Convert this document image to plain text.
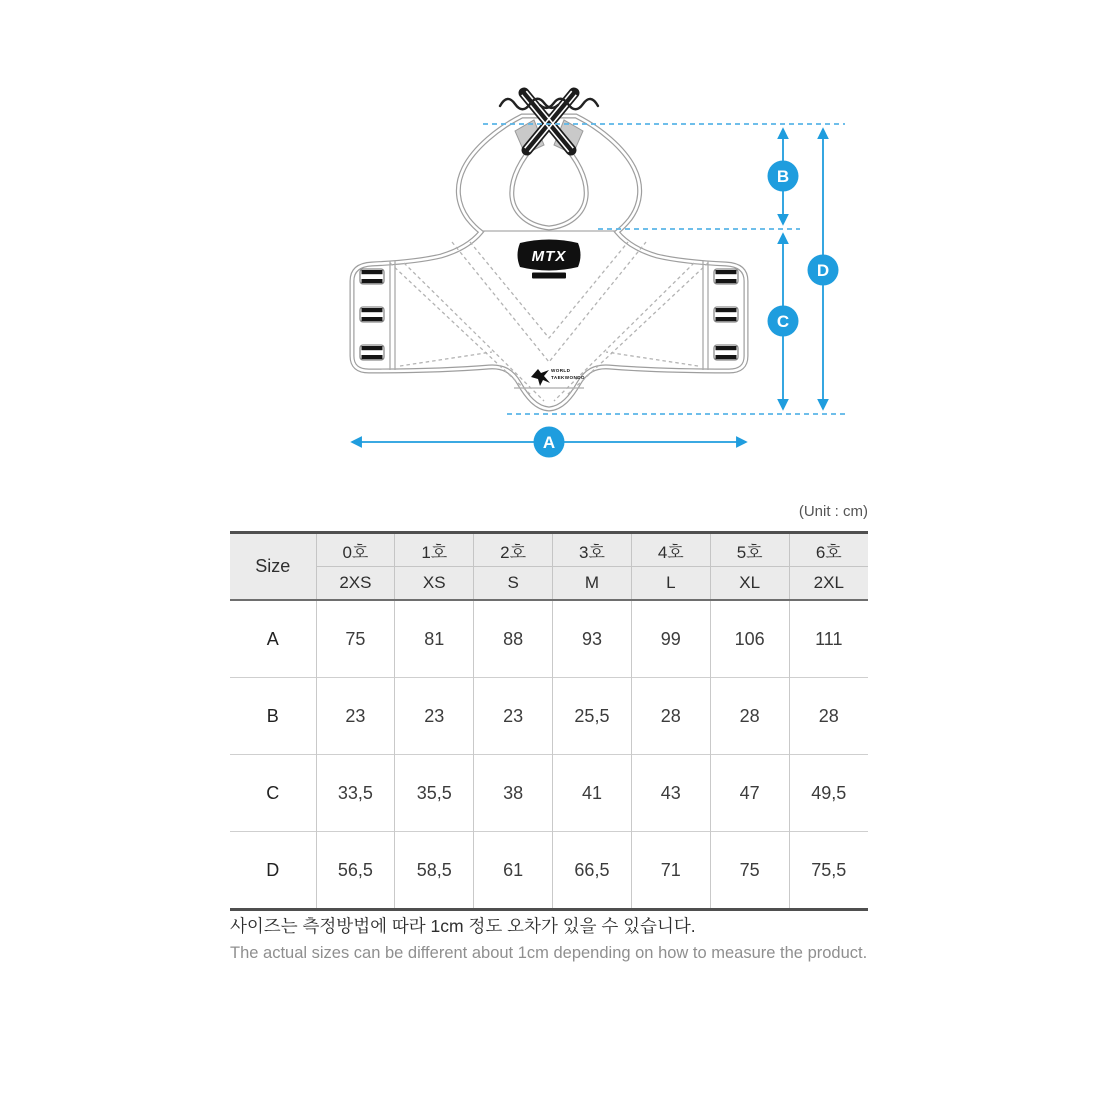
MTX
WORLD
TAEKWONDO
B
D
C
A
(Unit : cm)
Size	0호	1호	2호	3호	4호	5호	6호
	2XS	XS	S	M	L	XL	2XL
A	75	81	88	93	99	106	111
B	23	23	23	25,5	28	28	28
C	33,5	35,5	38	41	43	47	49,5
D	56,5	58,5	61	66,5	71	75	75,5
사이즈는 측정방법에 따라 1cm 정도 오차가 있을 수 있습니다.
The actual sizes can be different about 1cm depending on how to measure the product.
